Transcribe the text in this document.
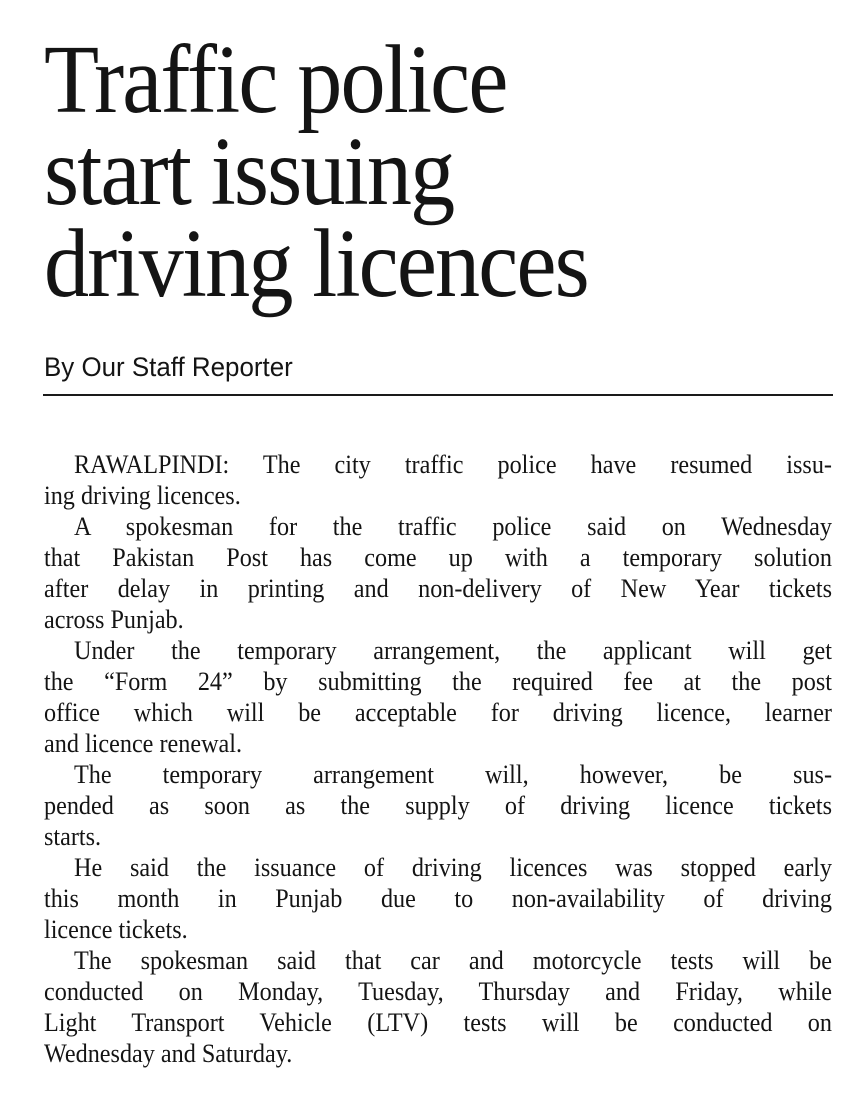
Traffic police
start issuing
driving licences
By Our Staff Reporter
RAWALPINDI: The city traffic police have resumed issu-
ing driving licences.
A spokesman for the traffic police said on Wednesday
that Pakistan Post has come up with a temporary solution
after delay in printing and non-delivery of New Year tickets
across Punjab.
Under the temporary arrangement, the applicant will get
the “Form 24” by submitting the required fee at the post
office which will be acceptable for driving licence, learner
and licence renewal.
The temporary arrangement will, however, be sus-
pended as soon as the supply of driving licence tickets
starts.
He said the issuance of driving licences was stopped early
this month in Punjab due to non-availability of driving
licence tickets.
The spokesman said that car and motorcycle tests will be
conducted on Monday, Tuesday, Thursday and Friday, while
Light Transport Vehicle (LTV) tests will be conducted on
Wednesday and Saturday.
